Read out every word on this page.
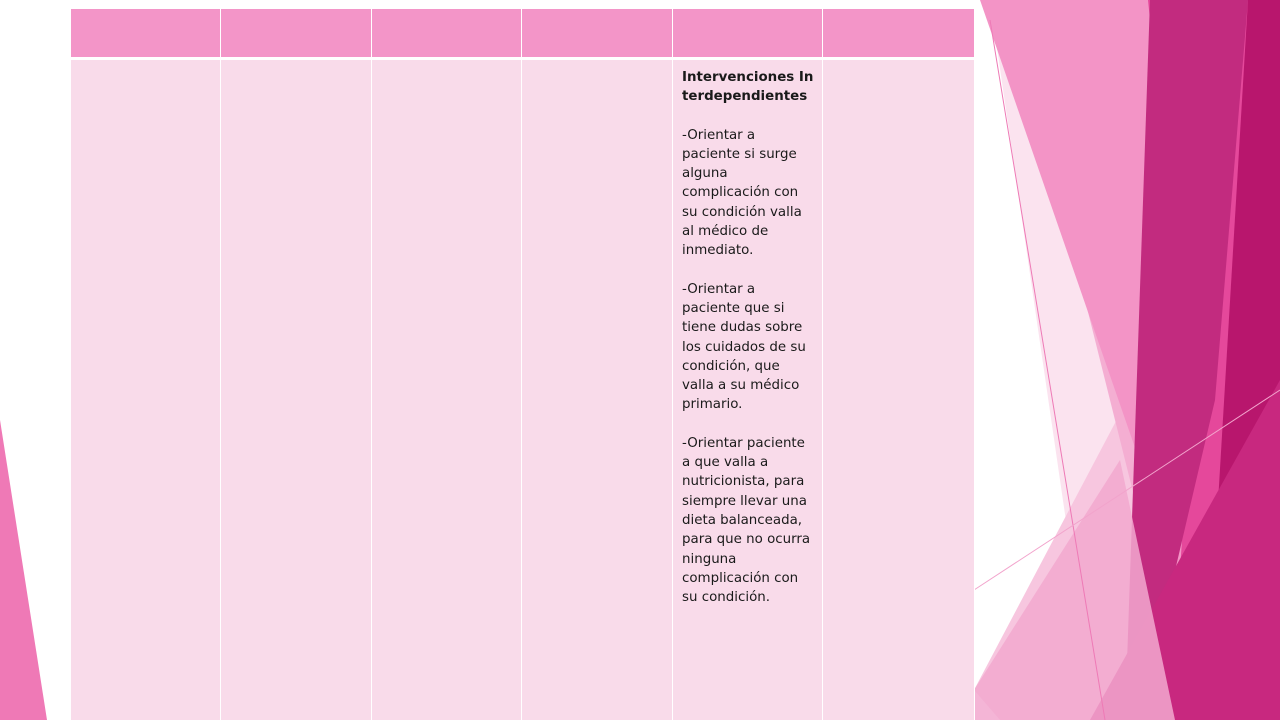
				Intervenciones Interdependientes

-Orientar a paciente si surge alguna complicación con su condición valla al médico de inmediato.

-Orientar a paciente que si tiene dudas sobre los cuidados de su condición, que valla a su médico primario.

-Orientar paciente a que valla a nutricionista, para siempre llevar una dieta balanceada, para que no ocurra ninguna complicación con su condición.	
